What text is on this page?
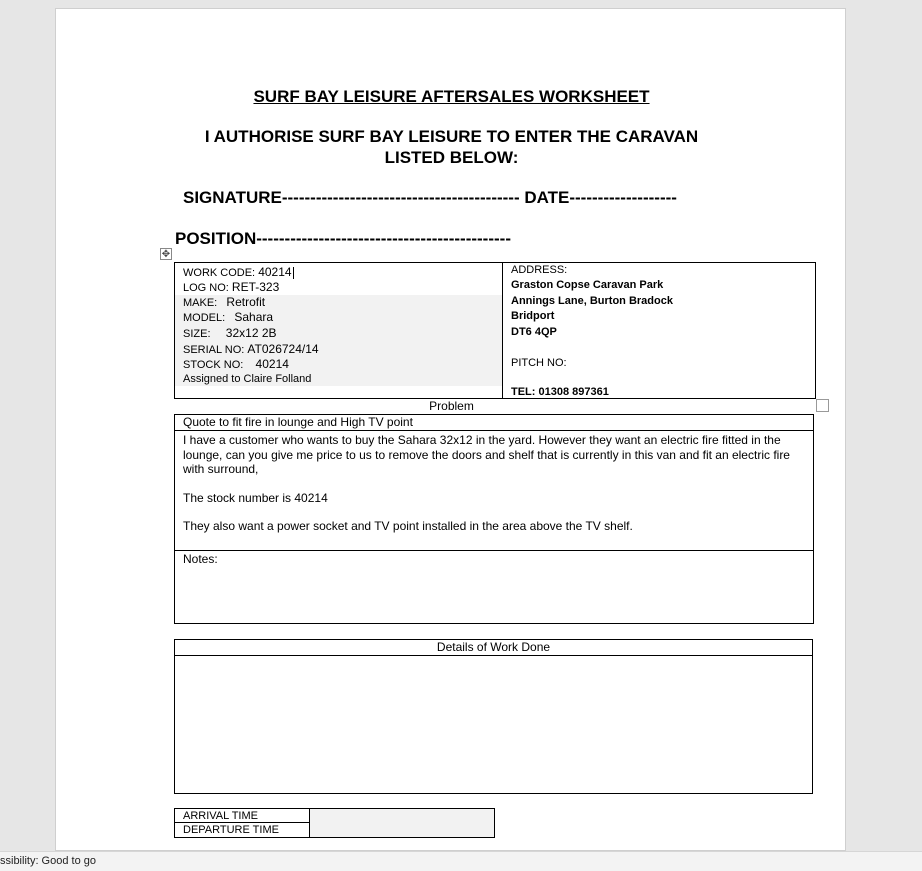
SURF BAY LEISURE AFTERSALES WORKSHEET
I AUTHORISE SURF BAY LEISURE TO ENTER THE CARAVAN
LISTED BELOW:
SIGNATURE------------------------------------------ DATE-------------------
POSITION---------------------------------------------
✥
WORK CODE: 40214
LOG NO: RET-323
MAKE: Retrofit
MODEL: Sahara
SIZE: 32x12 2B
SERIAL NO: AT026724/14
STOCK NO: 40214
Assigned to Claire Folland
ADDRESS:
Graston Copse Caravan Park
Annings Lane, Burton Bradock
Bridport
DT6 4QP
PITCH NO:
TEL: 01308 897361
Problem
Quote to fit fire in lounge and High TV point

I have a customer who wants to buy the Sahara 32x12 in the yard. However they want an electric fire fitted in the lounge, can you give me price to us to remove the doors and shelf that is currently in this van and fit an electric fire with surround,

The stock number is 40214

They also want a power socket and TV point installed in the area above the TV shelf.

Notes:
Details of Work Done
ARRIVAL TIME
DEPARTURE TIME
ssibility: Good to go
